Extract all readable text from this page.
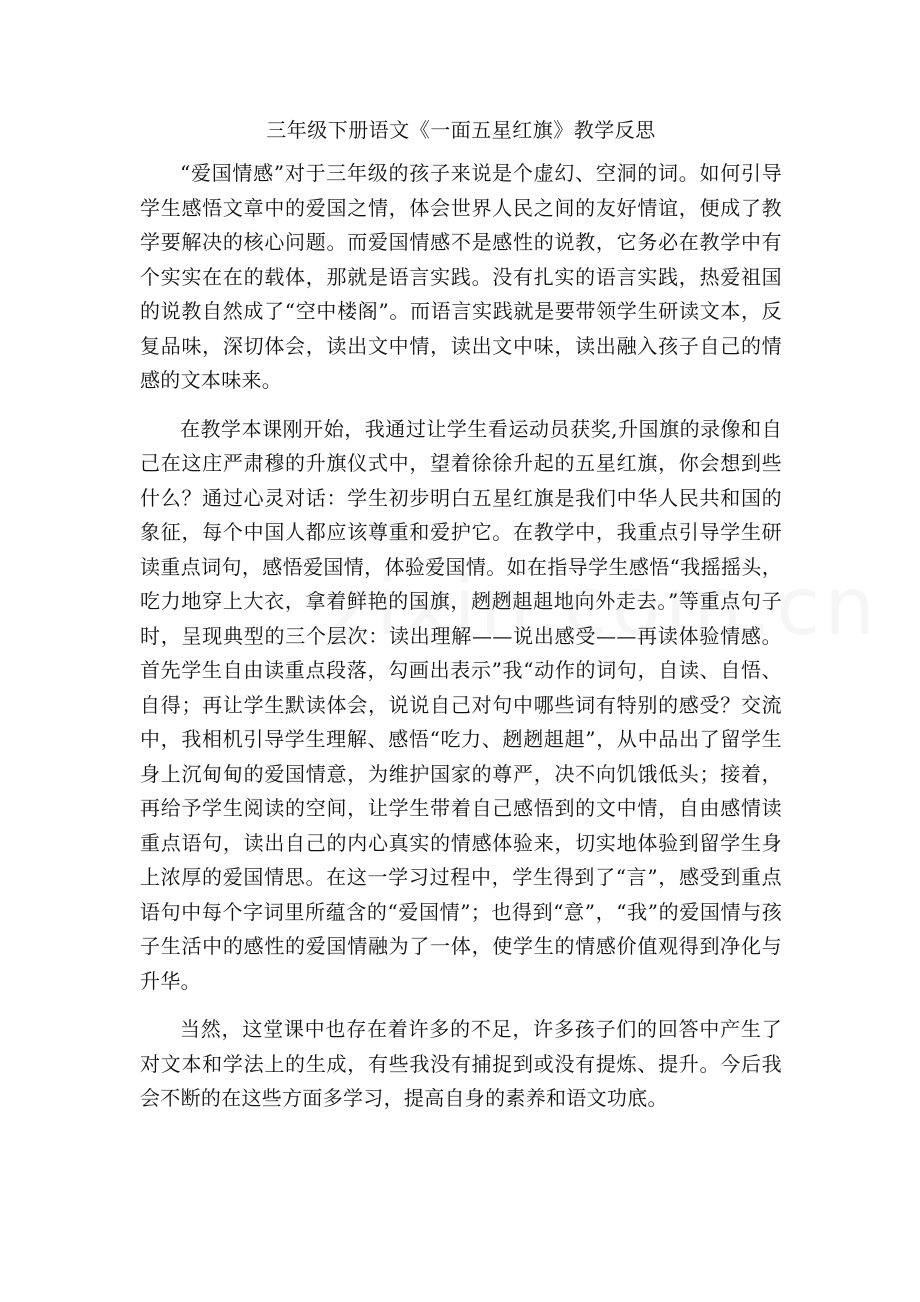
三年级下册语文《一面五星红旗》教学反思

“爱国情感”对于三年级的孩子来说是个虚幻、空洞的词。如何引导学生感悟文章中的爱国之情，体会世界人民之间的友好情谊，便成了教学要解决的核心问题。而爱国情感不是感性的说教，它务必在教学中有个实实在在的载体，那就是语言实践。没有扎实的语言实践，热爱祖国的说教自然成了“空中楼阁”。而语言实践就是要带领学生研读文本，反复品味，深切体会，读出文中情，读出文中味，读出融入孩子自己的情感的文本味来。

在教学本课刚开始，我通过让学生看运动员获奖,升国旗的录像和自己在这庄严肃穆的升旗仪式中，望着徐徐升起的五星红旗，你会想到些什么？通过心灵对话：学生初步明白五星红旗是我们中华人民共和国的象征，每个中国人都应该尊重和爱护它。在教学中，我重点引导学生研读重点词句，感悟爱国情，体验爱国情。如在指导学生感悟“我摇摇头，吃力地穿上大衣，拿着鲜艳的国旗，趔趔趄趄地向外走去。”等重点句子时，呈现典型的三个层次：读出理解——说出感受——再读体验情感。首先学生自由读重点段落，勾画出表示”我“动作的词句，自读、自悟、自得；再让学生默读体会，说说自己对句中哪些词有特别的感受？交流中，我相机引导学生理解、感悟“吃力、趔趔趄趄”，从中品出了留学生身上沉甸甸的爱国情意，为维护国家的尊严，决不向饥饿低头；接着，再给予学生阅读的空间，让学生带着自己感悟到的文中情，自由感情读重点语句，读出自己的内心真实的情感体验来，切实地体验到留学生身上浓厚的爱国情思。在这一学习过程中，学生得到了“言”，感受到重点语句中每个字词里所蕴含的“爱国情”；也得到“意”，“我”的爱国情与孩子生活中的感性的爱国情融为了一体，使学生的情感价值观得到净化与升华。

当然，这堂课中也存在着许多的不足，许多孩子们的回答中产生了对文本和学法上的生成，有些我没有捕捉到或没有提炼、提升。今后我会不断的在这些方面多学习，提高自身的素养和语文功底。
